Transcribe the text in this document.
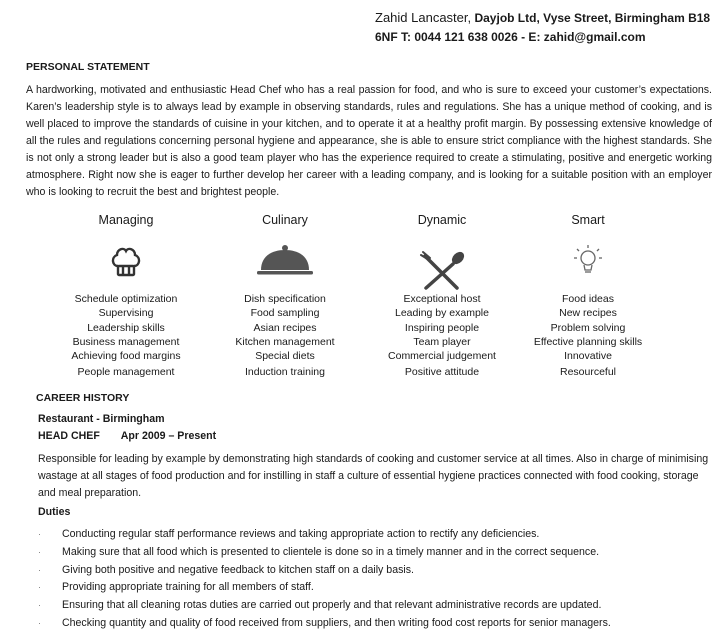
Zahid Lancaster, Dayjob Ltd, Vyse Street, Birmingham B18
6NF T: 0044 121 638 0026 - E: zahid@gmail.com
PERSONAL STATEMENT
A hardworking, motivated and enthusiastic Head Chef who has a real passion for food, and who is sure to exceed your customer’s expectations. Karen’s leadership style is to always lead by example in observing standards, rules and regulations. She has a unique method of cooking, and is well placed to improve the standards of cuisine in your kitchen, and to operate it at a healthy profit margin. By possessing extensive knowledge of all the rules and regulations concerning personal hygiene and appearance, she is able to ensure strict compliance with the highest standards. She is not only a strong leader but is also a good team player who has the experience required to create a stimulating, positive and energetic working atmosphere. Right now she is eager to further develop her career with a leading company, and is looking for a suitable position with an employer who is looking to recruit the best and brightest people.
Managing
Schedule optimization
Supervising
Leadership skills
Business management
Achieving food margins
People management
Culinary
Dish specification
Food sampling
Asian recipes
Kitchen management
Special diets
Induction training
Dynamic
Exceptional host
Leading by example
Inspiring people
Team player
Commercial judgement
Positive attitude
Smart
Food ideas
New recipes
Problem solving
Effective planning skills
Innovative
Resourceful
CAREER HISTORY
Restaurant - Birmingham
HEAD CHEF Apr 2009 – Present
Responsible for leading by example by demonstrating high standards of cooking and customer service at all times. Also in charge of minimising wastage at all stages of food production and for instilling in staff a culture of essential hygiene practices connected with food cooking, storage and meal preparation.
Duties
· Conducting regular staff performance reviews and taking appropriate action to rectify any deficiencies.
· Making sure that all food which is presented to clientele is done so in a timely manner and in the correct sequence.
· Giving both positive and negative feedback to kitchen staff on a daily basis.
· Providing appropriate training for all members of staff.
· Ensuring that all cleaning rotas duties are carried out properly and that relevant administrative records are updated.
· Checking quantity and quality of food received from suppliers, and then writing food cost reports for senior managers.
